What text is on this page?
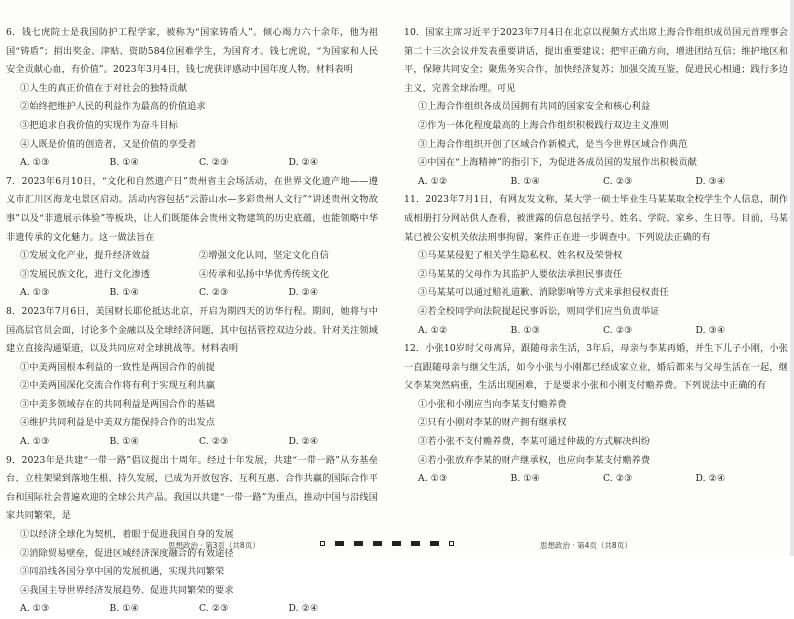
6．钱七虎院士是我国防护工程学家，被称为“国家铸盾人”。倾心竭力六十余年，他为祖国“铸盾”；捐出奖金、津贴、资助584位困难学生，为国育才。钱七虎说，“为国家和人民安全贡献心血，有价值”。2023年3月4日，钱七虎获评感动中国年度人物。材料表明
①人生的真正价值在于对社会的独特贡献
②始终把维护人民的利益作为最高的价值追求
③把追求自我价值的实现作为奋斗目标
④人既是价值的创造者，又是价值的享受者
A. ①③	B. ①④	C. ②③	D. ②④
7．2023年6月10日，“文化和自然遗产日”贵州省主会场活动，在世界文化遗产地——遵义市汇川区海龙屯景区启动。活动内容包括“云游山水—多彩贵州人文行”“讲述贵州文物故事”以及“非遗展示体验”等板块，让人们既能体会贵州文物建筑的历史底蕴，也能领略中华非遗传承的文化魅力。这一做法旨在
①发展文化产业，提升经济效益	②增强文化认同，坚定文化自信
③发展民族文化，进行文化渗透	④传承和弘扬中华优秀传统文化
A. ①③	B. ①④	C. ②③	D. ②④
8．2023年7月6日，美国财长耶伦抵达北京，开启为期四天的访华行程。期间，她将与中国高层官员会面，讨论多个金融以及全球经济问题，其中包括管控双边分歧、针对关注领域建立直接沟通渠道，以及共同应对全球挑战等。材料表明
①中美两国根本利益的一致性是两国合作的前提
②中美两国深化交流合作将有利于实现互利共赢
③中美多领域存在的共同利益是两国合作的基础
④维护共同利益是中美双方能保持合作的出发点
A. ①③	B. ①④	C. ②③	D. ②④
9．2023年是共建“一带一路”倡议提出十周年。经过十年发展，共建“一带一路”从夯基垒台、立柱架梁到落地生根、持久发展，已成为开放包容、互利互惠、合作共赢的国际合作平台和国际社会普遍欢迎的全球公共产品。我国以共建“一带一路”为重点，推动中国与沿线国家共同繁荣，是
①以经济全球化为契机，着眼于促进我国自身的发展
②消除贸易壁垒，促进区域经济深度融合的有效途径
③同沿线各国分享中国的发展机遇，实现共同繁荣
④我国主导世界经济发展趋势、促进共同繁荣的要求
A. ①③	B. ①④	C. ②③	D. ②④
10．国家主席习近平于2023年7月4日在北京以视频方式出席上海合作组织成员国元首理事会第二十三次会议并发表重要讲话，提出重要建议；把牢正确方向，增进团结互信；维护地区和平，保障共同安全；聚焦务实合作，加快经济复苏；加强交流互鉴，促进民心相通；践行多边主义，完善全球治理。可见
①上海合作组织各成员国拥有共同的国家安全和核心利益
②作为一体化程度最高的上海合作组织积极践行双边主义准则
③上海合作组织开创了区域合作新模式，是当今世界区域合作典范
④中国在“上海精神”的指引下，为促进各成员国的发展作出积极贡献
A. ①②	B. ①④	C. ②③	D. ③④
11．2023年7月1日，有网友发文称，某大学一硕士毕业生马某某取全校学生个人信息，制作成相册打分网站供人查看，被泄露的信息包括学号、姓名、学院、家乡、生日等。目前，马某某已被公安机关依法刑事拘留，案件正在进一步调查中。下列说法正确的有
①马某某侵犯了相关学生隐私权、姓名权及荣誉权
②马某某的父母作为其监护人要依法承担民事责任
③马某某可以通过赔礼道歉、消除影响等方式来承担侵权责任
④若全校同学向法院提起民事诉讼，则同学们应当负责举证
A. ①②	B. ①③	C. ②③	D. ③④
12．小张10岁时父母离异，跟随母亲生活，3年后，母亲与李某再婚，并生下儿子小刚，小张一直跟随母亲与继父生活，如今小张与小刚都已经成家立业，婚后都来与父母生活在一起，继父李某突然病重，生活出现困难，于是要求小张和小刚支付赡养费。下列说法中正确的有
①小张和小刚应当向李某支付赡养费
②只有小刚对李某的财产拥有继承权
③若小张不支付赡养费，李某可通过仲裁的方式解决纠纷
④若小张放弃李某的财产继承权，也应向李某支付赡养费
A. ①③	B. ①④	C. ②③	D. ②④
思想政治 · 第3页（共8页）	思想政治 · 第4页（共8页）
